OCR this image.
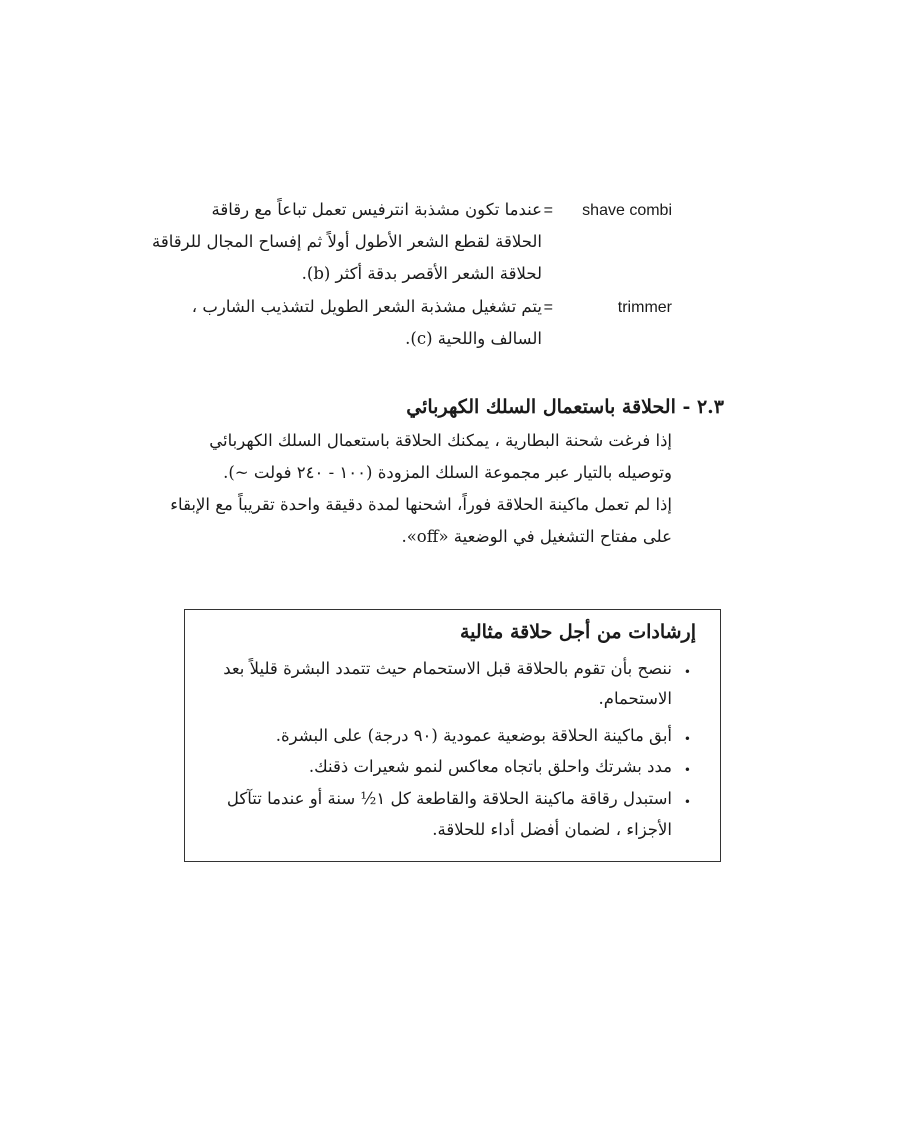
shave combi
=
عندما تكون مشذبة انترفيس تعمل تباعاً مع رقاقة
الحلاقة لقطع الشعر الأطول أولاً ثم إفساح المجال للرقاقة
لحلاقة الشعر الأقصر بدقة أكثر (b).
trimmer
=
يتم تشغيل مشذبة الشعر الطويل لتشذيب الشارب ،
السالف واللحية (c).
٢.٣ - الحلاقة باستعمال السلك الكهربائي
إذا فرغت شحنة البطارية ، يمكنك الحلاقة باستعمال السلك الكهربائي
وتوصيله بالتيار عبر مجموعة السلك المزودة (١٠٠ - ٢٤٠ فولت ~).
إذا لم تعمل ماكينة الحلاقة فوراً، اشحنها لمدة دقيقة واحدة تقريباً مع الإبقاء
على مفتاح التشغيل في الوضعية «off».
إرشادات من أجل حلاقة مثالية
•
ننصح بأن تقوم بالحلاقة قبل الاستحمام حيث تتمدد البشرة قليلاً بعد
الاستحمام.
•
أبق ماكينة الحلاقة بوضعية عمودية (٩٠ درجة) على البشرة.
•
مدد بشرتك واحلق باتجاه معاكس لنمو شعيرات ذقنك.
•
استبدل رقاقة ماكينة الحلاقة والقاطعة كل ١½ سنة أو عندما تتآكل
الأجزاء ، لضمان أفضل أداء للحلاقة.
